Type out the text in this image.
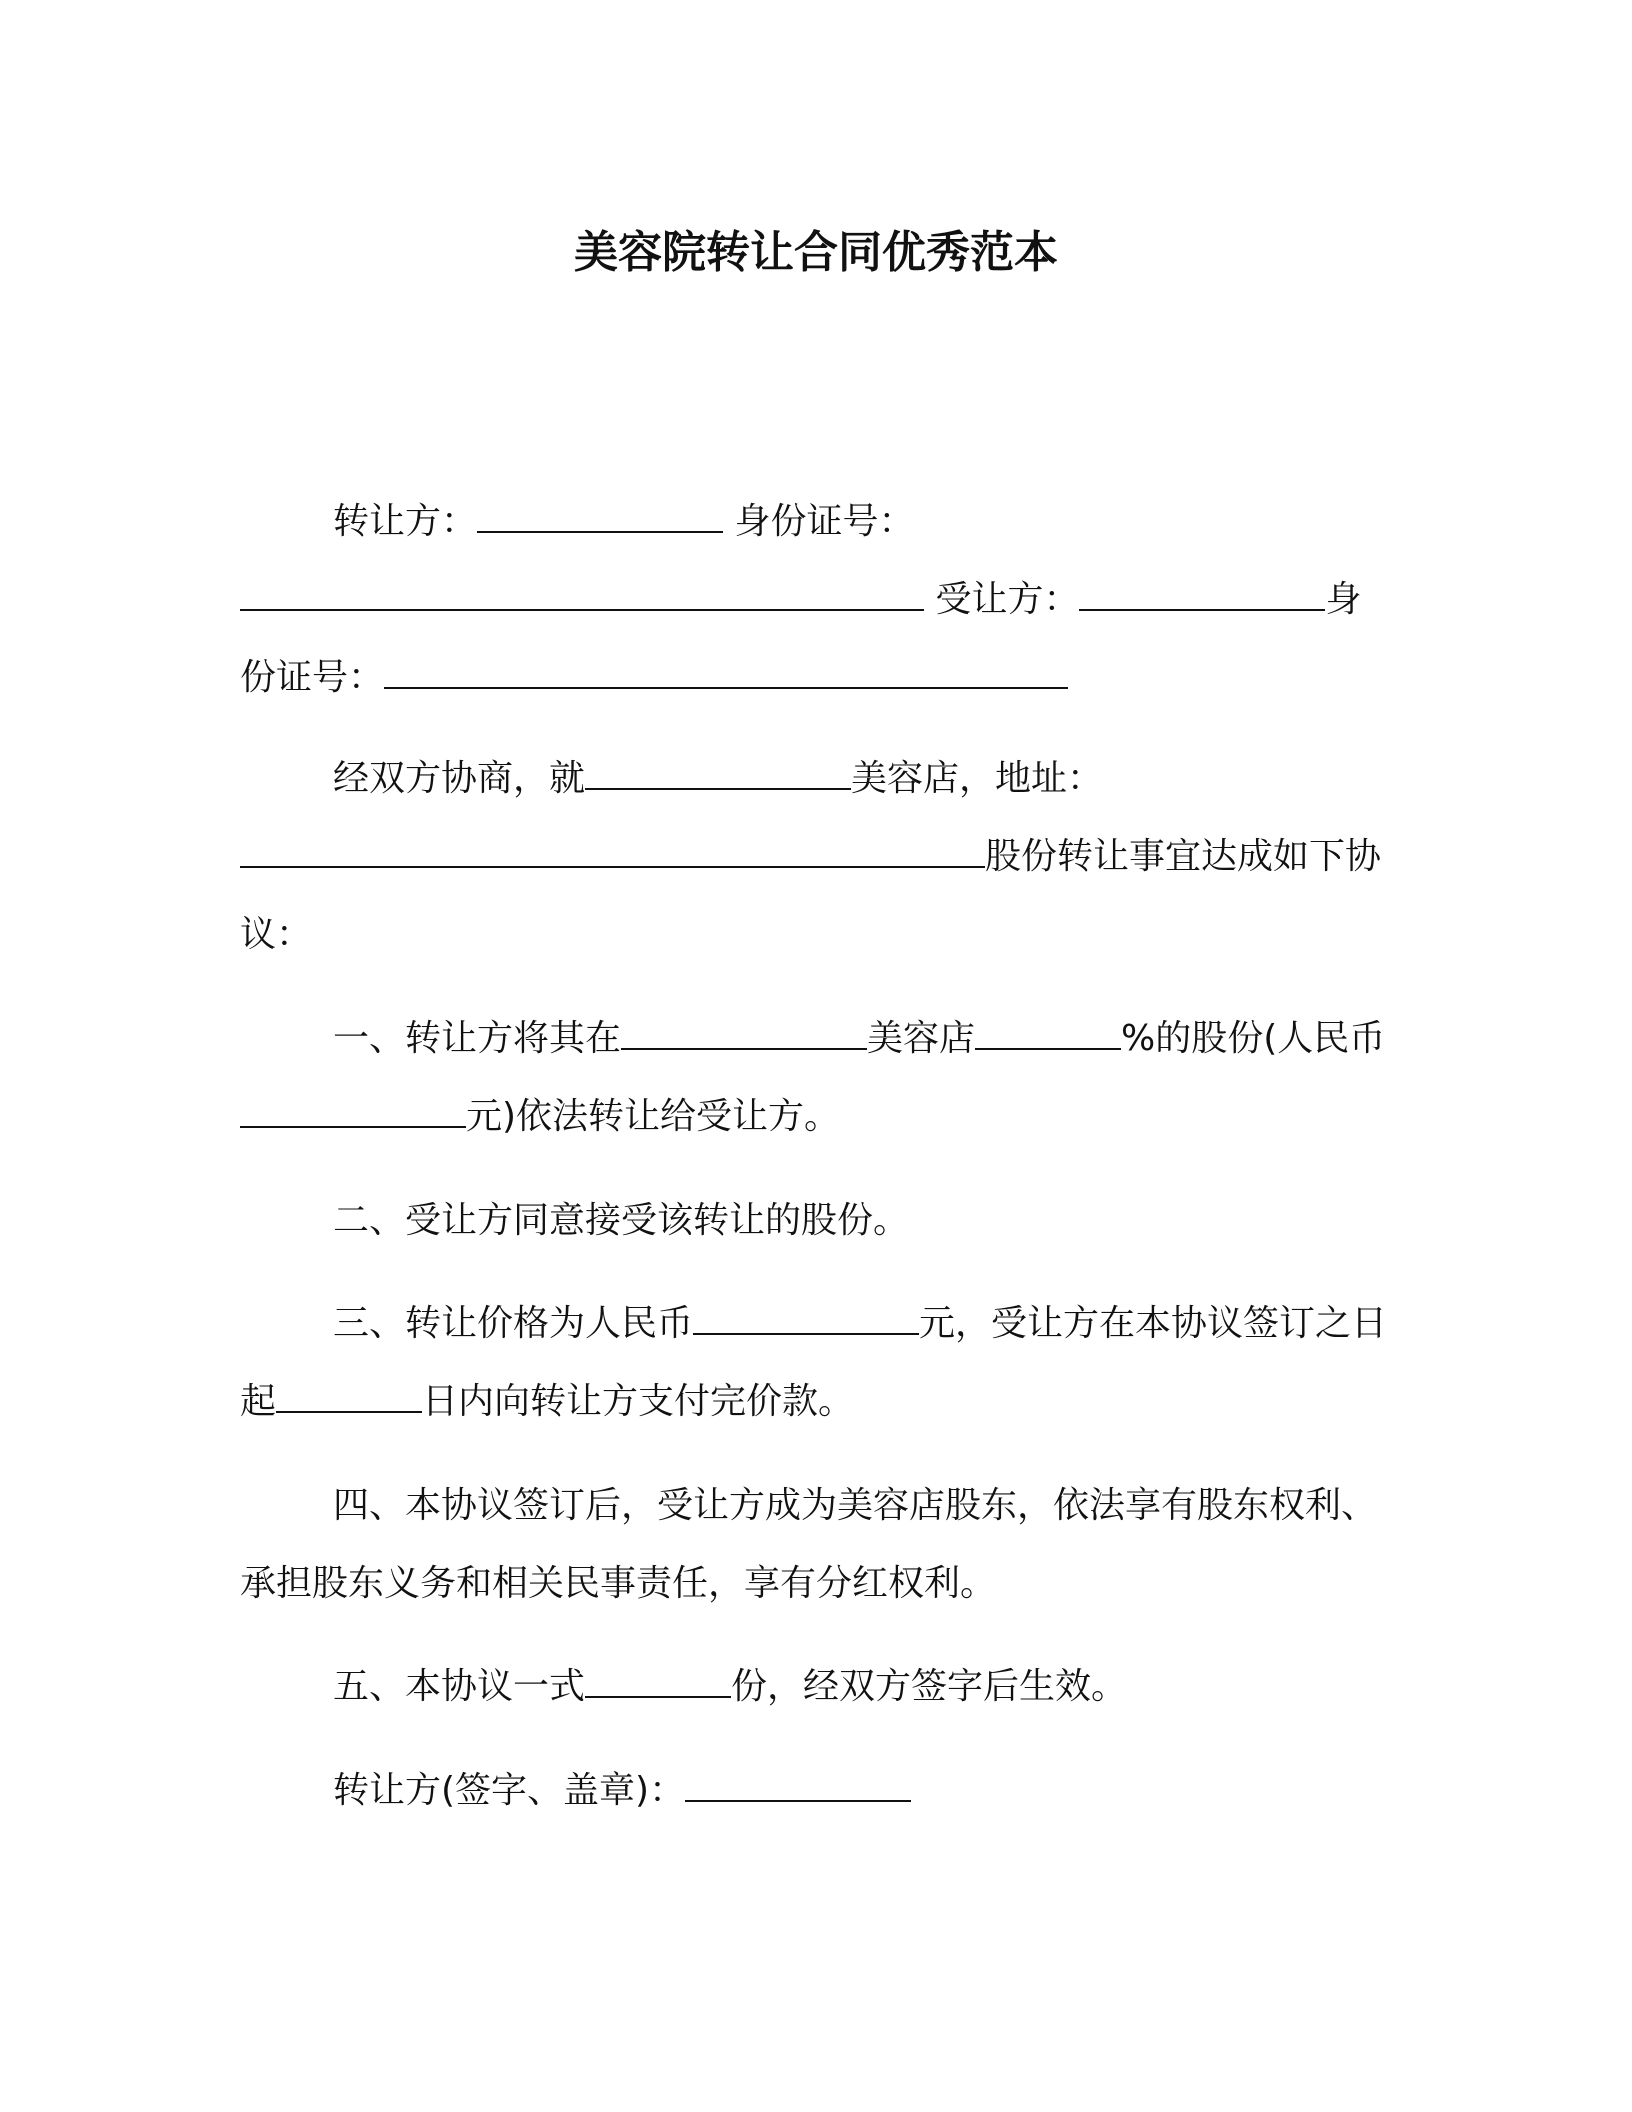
美容院转让合同优秀范本

转让方：	身份证号： 受让方：	身份证号：

经双方协商，就	美容店，地址：股份转让事宜达成如下协议：

一、转让方将其在	美容店	%的股份(人民币元)依法转让给受让方。

二、受让方同意接受该转让的股份。

三、转让价格为人民币	元，受让方在本协议签订之日起	日内向转让方支付完价款。

四、本协议签订后，受让方成为美容店股东，依法享有股东权利、承担股东义务和相关民事责任，享有分红权利。

五、本协议一式	份，经双方签字后生效。

转让方(签字、盖章)：
